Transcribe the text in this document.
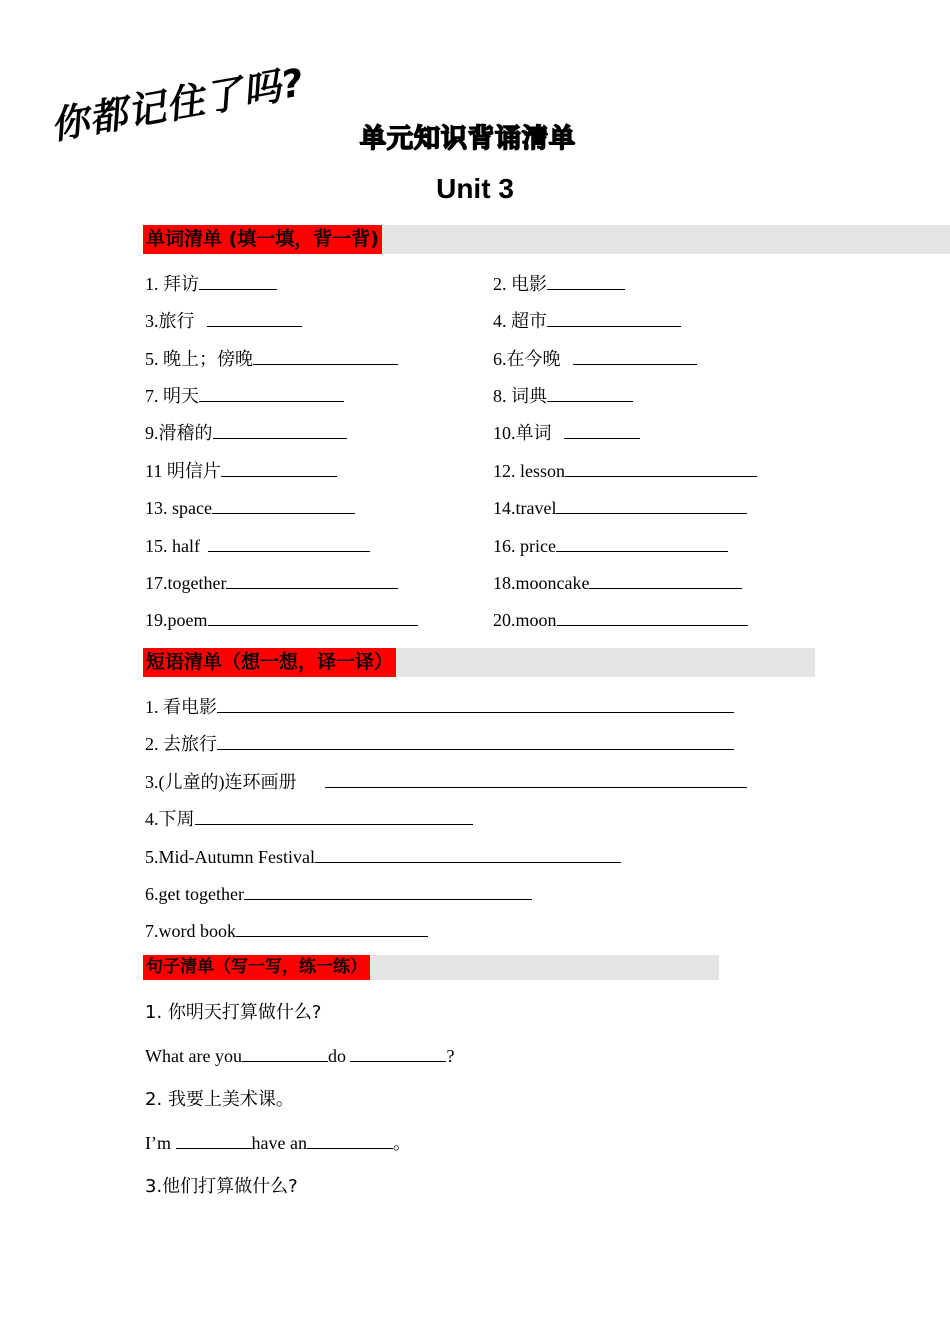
你都记住了吗? 单元知识背诵清单
Unit 3
单词清单 (填一填，背一背)
1. 拜访	2. 电影
3.旅行	4. 超市
5. 晚上；傍晚	6.在今晚
7. 明天	8. 词典
9.滑稽的	10.单词
11 明信片	12. lesson
13. space	14.travel
15. half	16. price
17.together	18.mooncake
19.poem	20.moon
短语清单（想一想，译一译）
1. 看电影
2. 去旅行
3.(儿童的)连环画册
4.下周
5.Mid-Autumn Festival
6.get together
7.word book
句子清单（写一写，练一练）
1. 你明天打算做什么?
What are you	do	?
2. 我要上美术课。
I’m	have an	。
3.他们打算做什么?
